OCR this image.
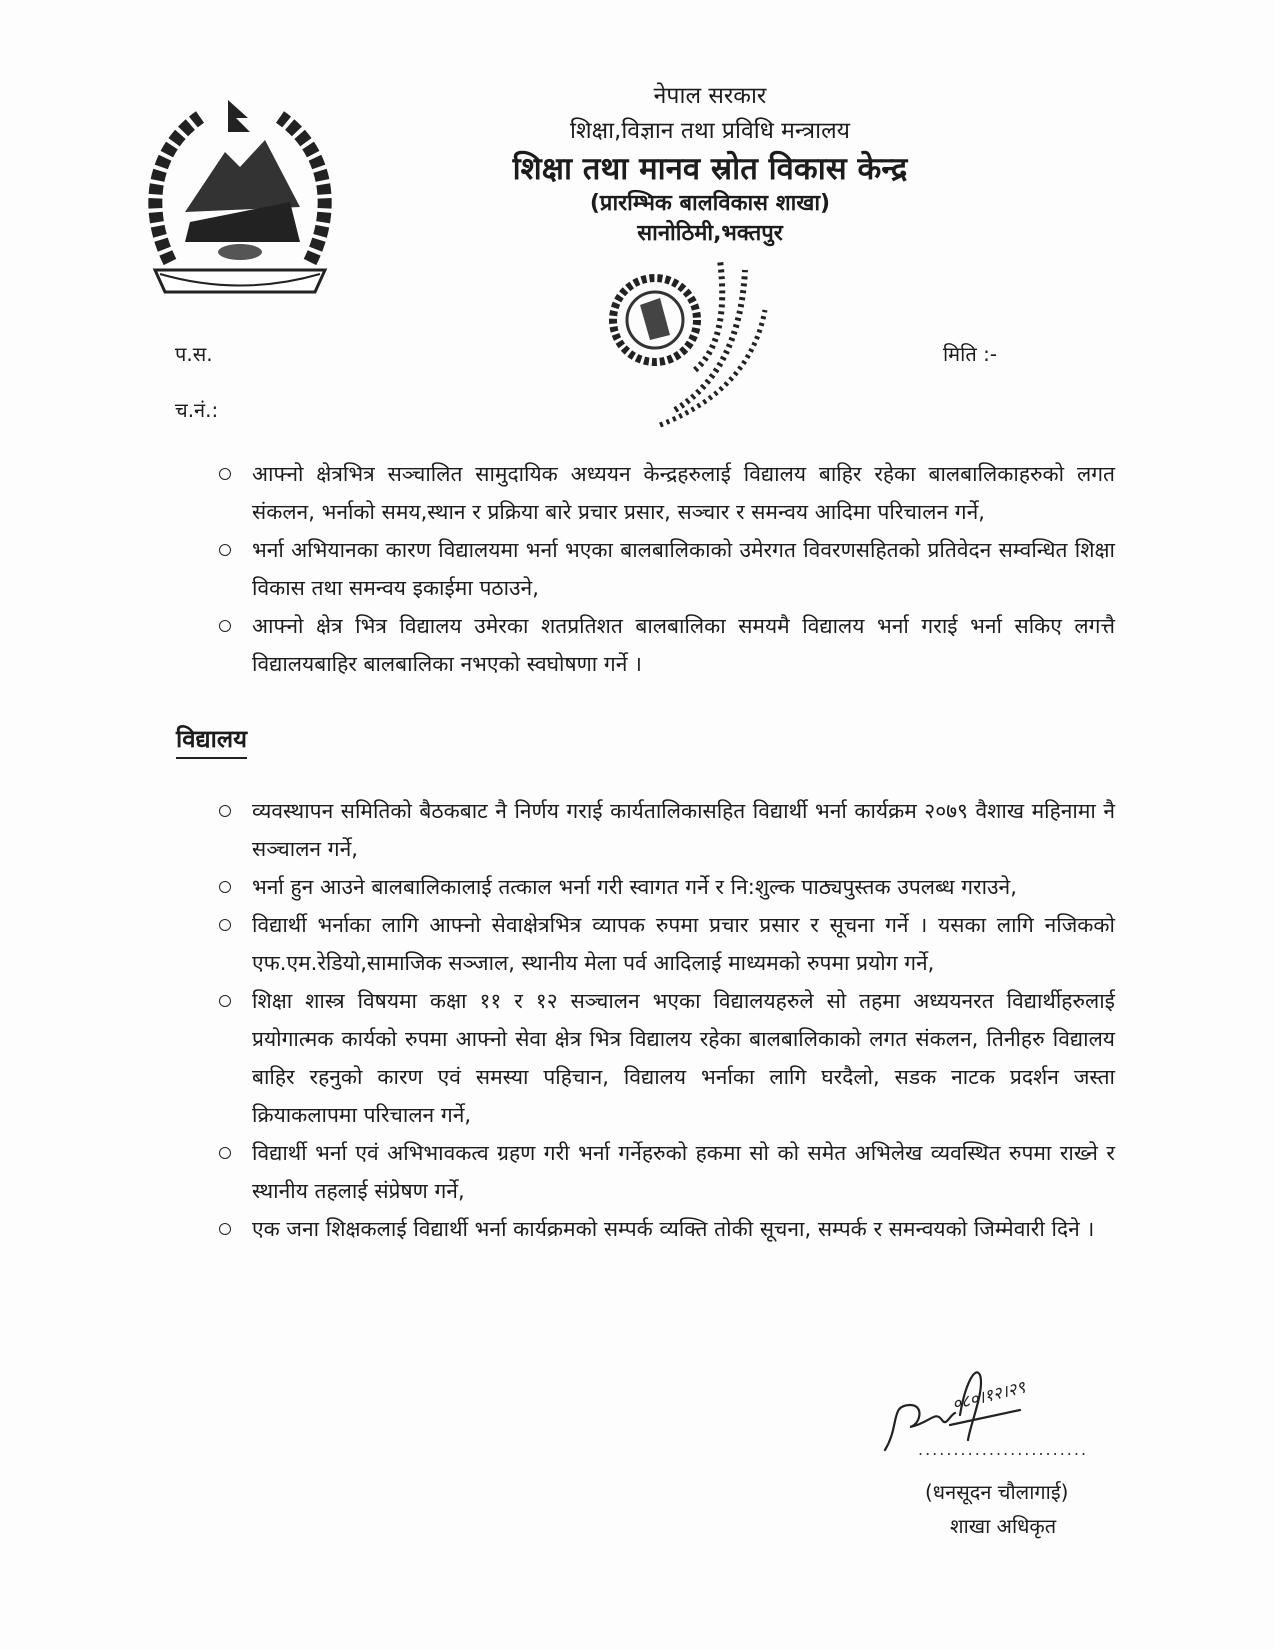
नेपाल सरकार
शिक्षा,विज्ञान तथा प्रविधि मन्त्रालय
शिक्षा तथा मानव स्रोत विकास केन्द्र
(प्रारम्भिक बालविकास शाखा)
सानोठिमी,भक्तपुर
प.स.
च.नं.:
मिति :-
आफ्नो क्षेत्रभित्र सञ्चालित सामुदायिक अध्ययन केन्द्रहरुलाई विद्यालय बाहिर रहेका बालबालिकाहरुको लगत संकलन, भर्नाको समय,स्थान र प्रक्रिया बारे प्रचार प्रसार, सञ्चार र समन्वय आदिमा परिचालन गर्ने,
भर्ना अभियानका कारण विद्यालयमा भर्ना भएका बालबालिकाको उमेरगत विवरणसहितको प्रतिवेदन सम्वन्धित शिक्षा विकास तथा समन्वय इकाईमा पठाउने,
आफ्नो क्षेत्र भित्र विद्यालय उमेरका शतप्रतिशत बालबालिका समयमै विद्यालय भर्ना गराई भर्ना सकिए लगत्तै विद्यालयबाहिर बालबालिका नभएको स्वघोषणा गर्ने ।
विद्यालय
व्यवस्थापन समितिको बैठकबाट नै निर्णय गराई कार्यतालिकासहित विद्यार्थी भर्ना कार्यक्रम २०७९ वैशाख महिनामा नै सञ्चालन गर्ने,
भर्ना हुन आउने बालबालिकालाई तत्काल भर्ना गरी स्वागत गर्ने र नि:शुल्क पाठ्यपुस्तक उपलब्ध गराउने,
विद्यार्थी भर्नाका लागि आफ्नो सेवाक्षेत्रभित्र व्यापक रुपमा प्रचार प्रसार र सूचना गर्ने । यसका लागि नजिकको एफ.एम.रेडियो,सामाजिक सञ्जाल, स्थानीय मेला पर्व आदिलाई माध्यमको रुपमा प्रयोग गर्ने,
शिक्षा शास्त्र विषयमा कक्षा ११ र १२ सञ्चालन भएका विद्यालयहरुले सो तहमा अध्ययनरत विद्यार्थीहरुलाई प्रयोगात्मक कार्यको रुपमा आफ्नो सेवा क्षेत्र भित्र विद्यालय रहेका बालबालिकाको लगत संकलन, तिनीहरु विद्यालय बाहिर रहनुको कारण एवं समस्या पहिचान, विद्यालय भर्नाका लागि घरदैलो, सडक नाटक प्रदर्शन जस्ता क्रियाकलापमा परिचालन गर्ने,
विद्यार्थी भर्ना एवं अभिभावकत्व ग्रहण गरी भर्ना गर्नेहरुको हकमा सो को समेत अभिलेख व्यवस्थित रुपमा राख्ने र स्थानीय तहलाई संप्रेषण गर्ने,
एक जना शिक्षकलाई विद्यार्थी भर्ना कार्यक्रमको सम्पर्क व्यक्ति तोकी सूचना, सम्पर्क र समन्वयको जिम्मेवारी दिने ।
०८०।१२।२९
........................
(धनसूदन चौलागाई)
शाखा अधिकृत
